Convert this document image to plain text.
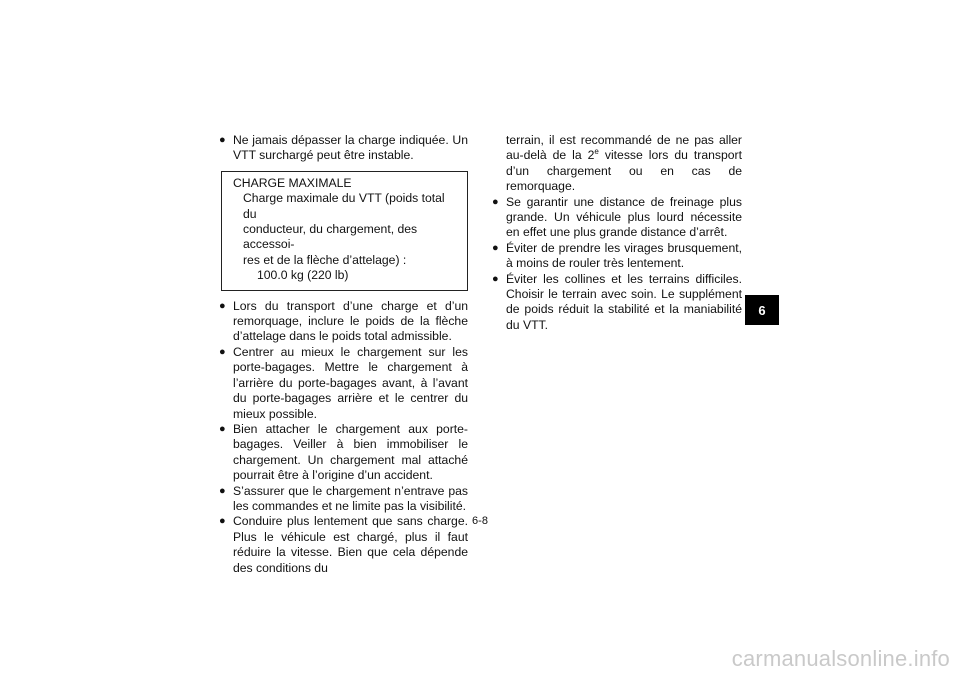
● Ne jamais dépasser la charge indiquée. Un VTT surchargé peut être instable.

CHARGE MAXIMALE
Charge maximale du VTT (poids total du
conducteur, du chargement, des accessoi-
res et de la flèche d’attelage) :
100.0 kg (220 lb)

● Lors du transport d’une charge et d’un remorquage, inclure le poids de la flèche d’attelage dans le poids total admissible.

● Centrer au mieux le chargement sur les porte-bagages. Mettre le chargement à l’arrière du porte-bagages avant, à l’avant du porte-bagages arrière et le centrer du mieux possible.

● Bien attacher le chargement aux porte-bagages. Veiller à bien immobiliser le chargement. Un chargement mal attaché pourrait être à l’origine d’un accident.

● S’assurer que le chargement n’entrave pas les commandes et ne limite pas la visibilité.

● Conduire plus lentement que sans charge. Plus le véhicule est chargé, plus il faut réduire la vitesse. Bien que cela dépende des conditions du

terrain, il est recommandé de ne pas aller au-delà de la 2e vitesse lors du transport d’un chargement ou en cas de remorquage.

● Se garantir une distance de freinage plus grande. Un véhicule plus lourd nécessite en effet une plus grande distance d’arrêt.

● Éviter de prendre les virages brusquement, à moins de rouler très lentement.

● Éviter les collines et les terrains difficiles. Choisir le terrain avec soin. Le supplément de poids réduit la stabilité et la maniabilité du VTT.

6
6-8
carmanualsonline.info
